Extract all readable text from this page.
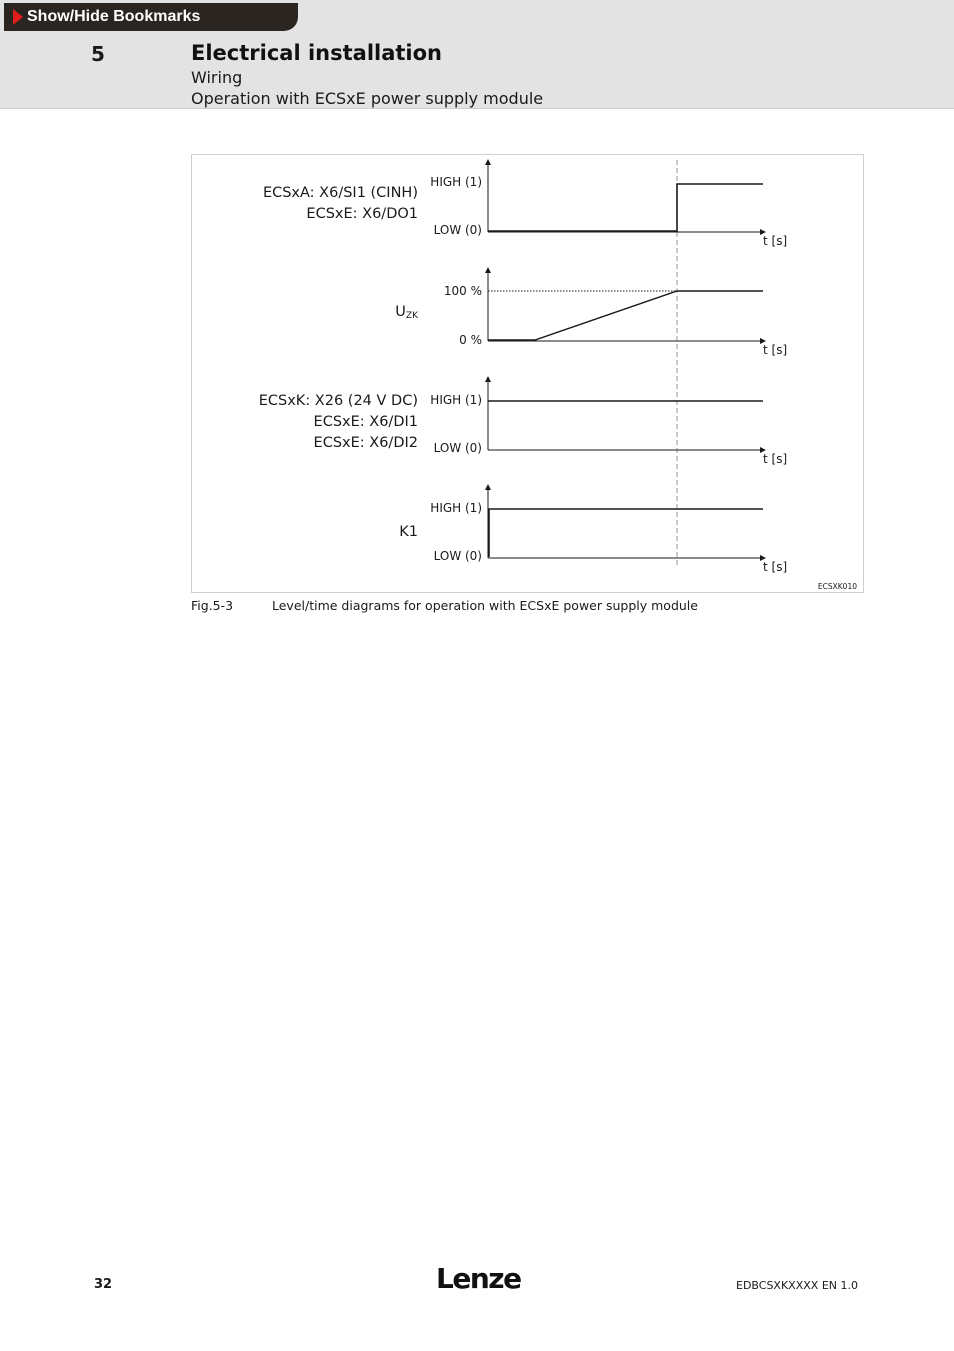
Show/Hide Bookmarks
5	Electrical installation
Wiring
Operation with ECSxE power supply module
ECSxA: X6/SI1 (CINH)
ECSxE: X6/DO1
HIGH (1)
LOW (0)
t [s]
UZK
100 %
0 %
t [s]
ECSxK: X26 (24 V DC)
ECSxE: X6/DI1
ECSxE: X6/DI2
HIGH (1)
LOW (0)
t [s]
K1
HIGH (1)
LOW (0)
t [s]
ECSXK010
Fig.5-3	Level/time diagrams for operation with ECSxE power supply module
32	Lenze	EDBCSXKXXXX EN 1.0
